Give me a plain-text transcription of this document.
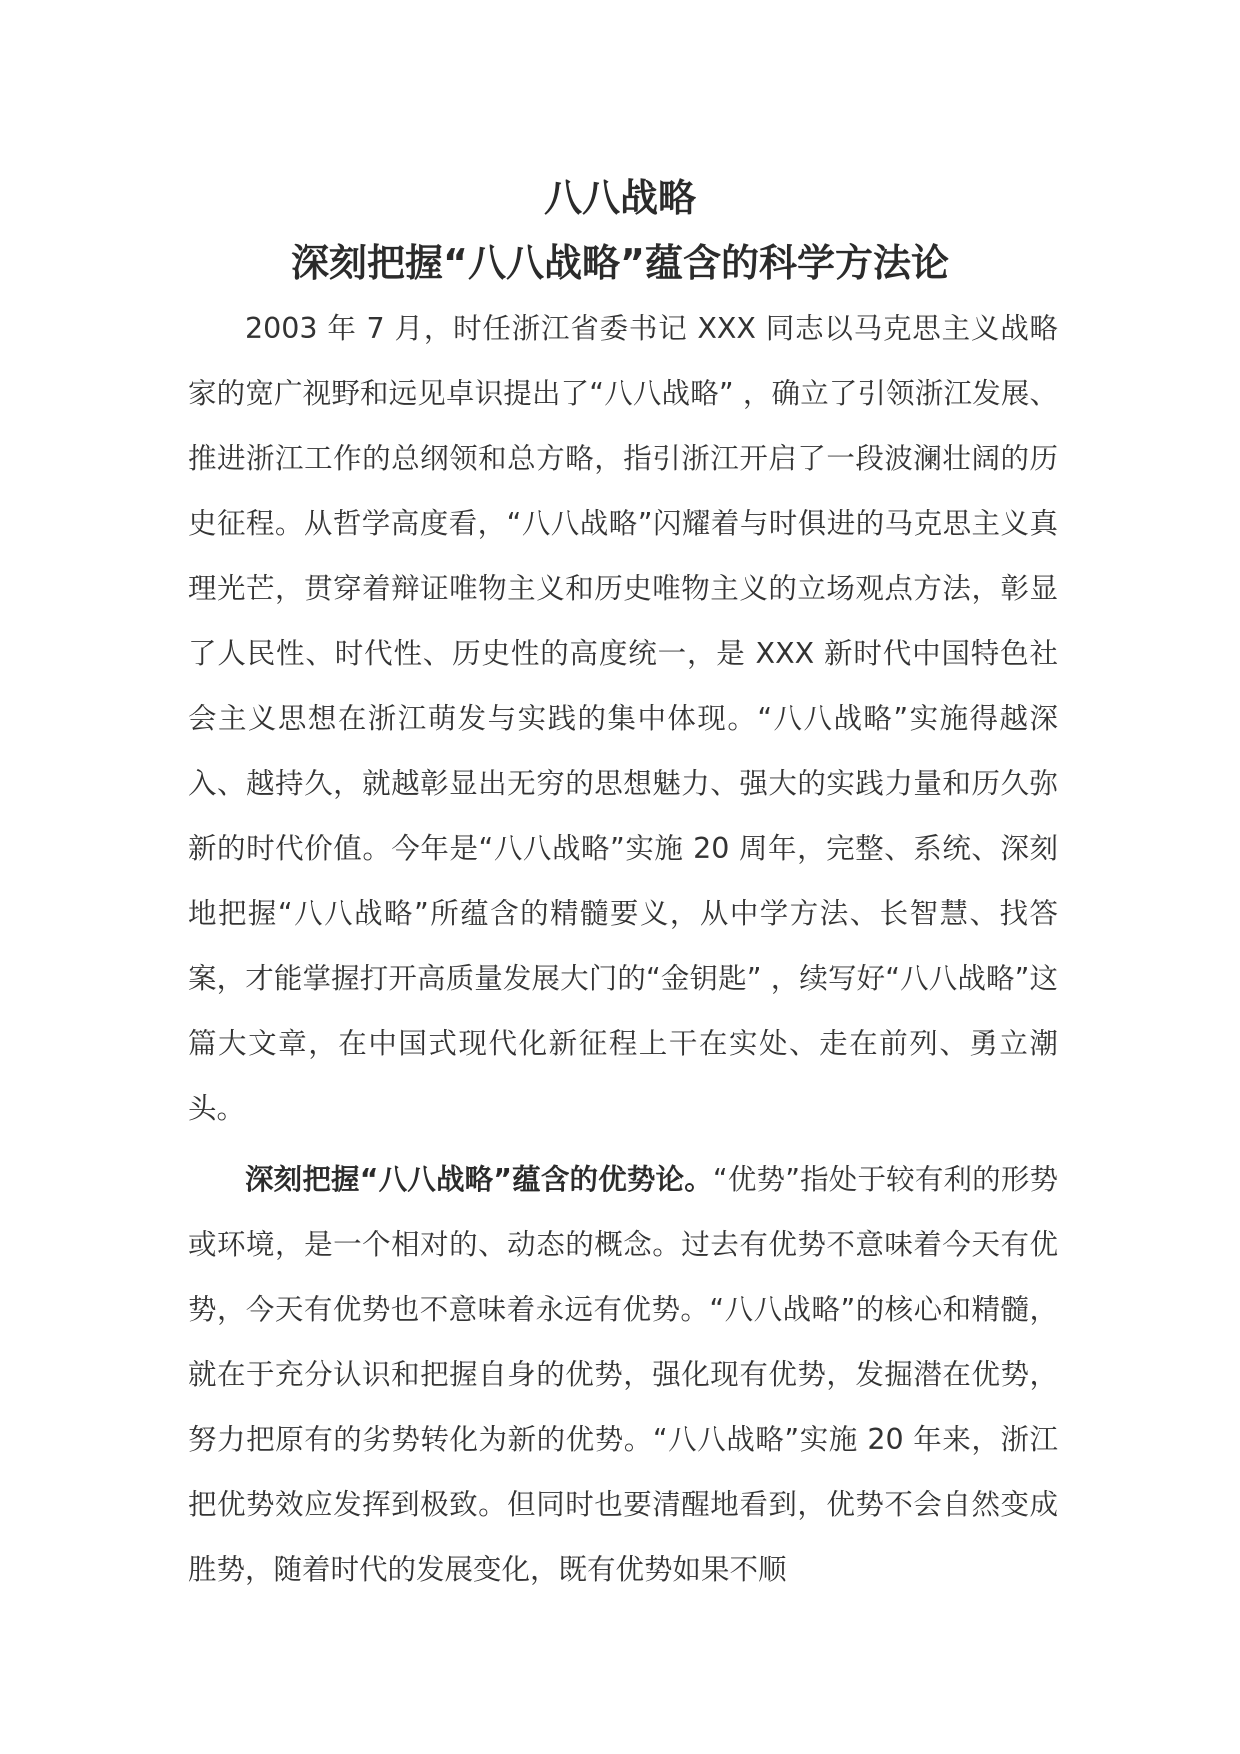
八八战略
深刻把握“八八战略”蕴含的科学方法论

2003 年 7 月，时任浙江省委书记 XXX 同志以马克思主义战略家的宽广视野和远见卓识提出了“八八战略” ，确立了引领浙江发展、推进浙江工作的总纲领和总方略，指引浙江开启了一段波澜壮阔的历史征程。从哲学高度看，“八八战略”闪耀着与时俱进的马克思主义真理光芒，贯穿着辩证唯物主义和历史唯物主义的立场观点方法，彰显了人民性、时代性、历史性的高度统一，是 XXX 新时代中国特色社会主义思想在浙江萌发与实践的集中体现。“八八战略”实施得越深入、越持久，就越彰显出无穷的思想魅力、强大的实践力量和历久弥新的时代价值。今年是“八八战略”实施 20 周年，完整、系统、深刻地把握“八八战略”所蕴含的精髓要义，从中学方法、长智慧、找答案，才能掌握打开高质量发展大门的“金钥匙” ，续写好“八八战略”这篇大文章，在中国式现代化新征程上干在实处、走在前列、勇立潮头。

深刻把握“八八战略”蕴含的优势论。“优势”指处于较有利的形势或环境，是一个相对的、动态的概念。过去有优势不意味着今天有优势，今天有优势也不意味着永远有优势。“八八战略”的核心和精髓，就在于充分认识和把握自身的优势，强化现有优势，发掘潜在优势，努力把原有的劣势转化为新的优势。“八八战略”实施 20 年来，浙江把优势效应发挥到极致。但同时也要清醒地看到，优势不会自然变成胜势，随着时代的发展变化，既有优势如果不顺
